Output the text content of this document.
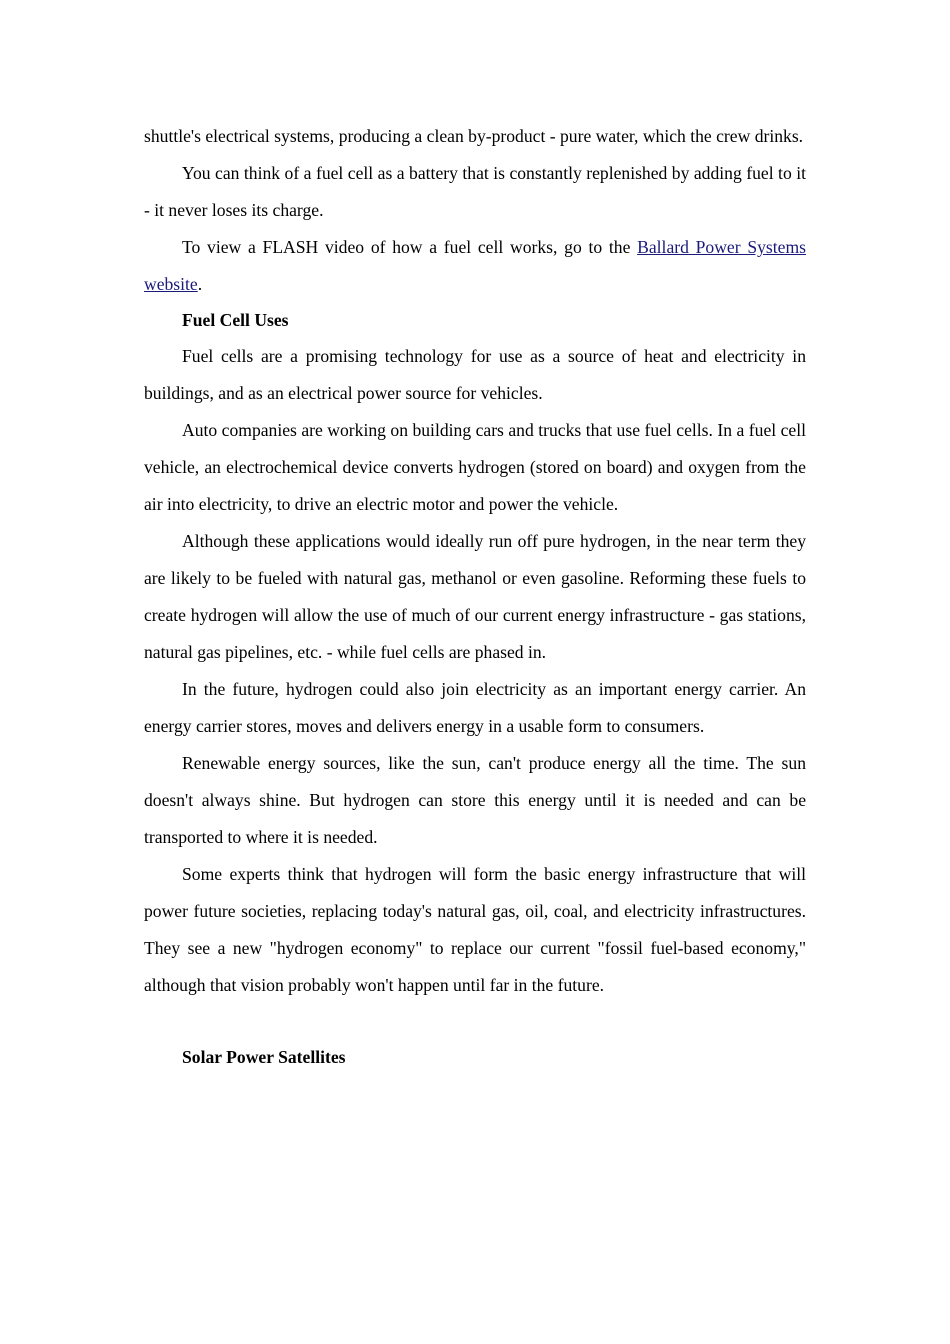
shuttle's electrical systems, producing a clean by-product - pure water, which the crew drinks.

You can think of a fuel cell as a battery that is constantly replenished by adding fuel to it - it never loses its charge.

To view a FLASH video of how a fuel cell works, go to the Ballard Power Systems website.

Fuel Cell Uses

Fuel cells are a promising technology for use as a source of heat and electricity in buildings, and as an electrical power source for vehicles.

Auto companies are working on building cars and trucks that use fuel cells. In a fuel cell vehicle, an electrochemical device converts hydrogen (stored on board) and oxygen from the air into electricity, to drive an electric motor and power the vehicle.

Although these applications would ideally run off pure hydrogen, in the near term they are likely to be fueled with natural gas, methanol or even gasoline. Reforming these fuels to create hydrogen will allow the use of much of our current energy infrastructure - gas stations, natural gas pipelines, etc. - while fuel cells are phased in.

In the future, hydrogen could also join electricity as an important energy carrier. An energy carrier stores, moves and delivers energy in a usable form to consumers.

Renewable energy sources, like the sun, can't produce energy all the time. The sun doesn't always shine. But hydrogen can store this energy until it is needed and can be transported to where it is needed.

Some experts think that hydrogen will form the basic energy infrastructure that will power future societies, replacing today's natural gas, oil, coal, and electricity infrastructures. They see a new "hydrogen economy" to replace our current "fossil fuel-based economy," although that vision probably won't happen until far in the future.

Solar Power Satellites
